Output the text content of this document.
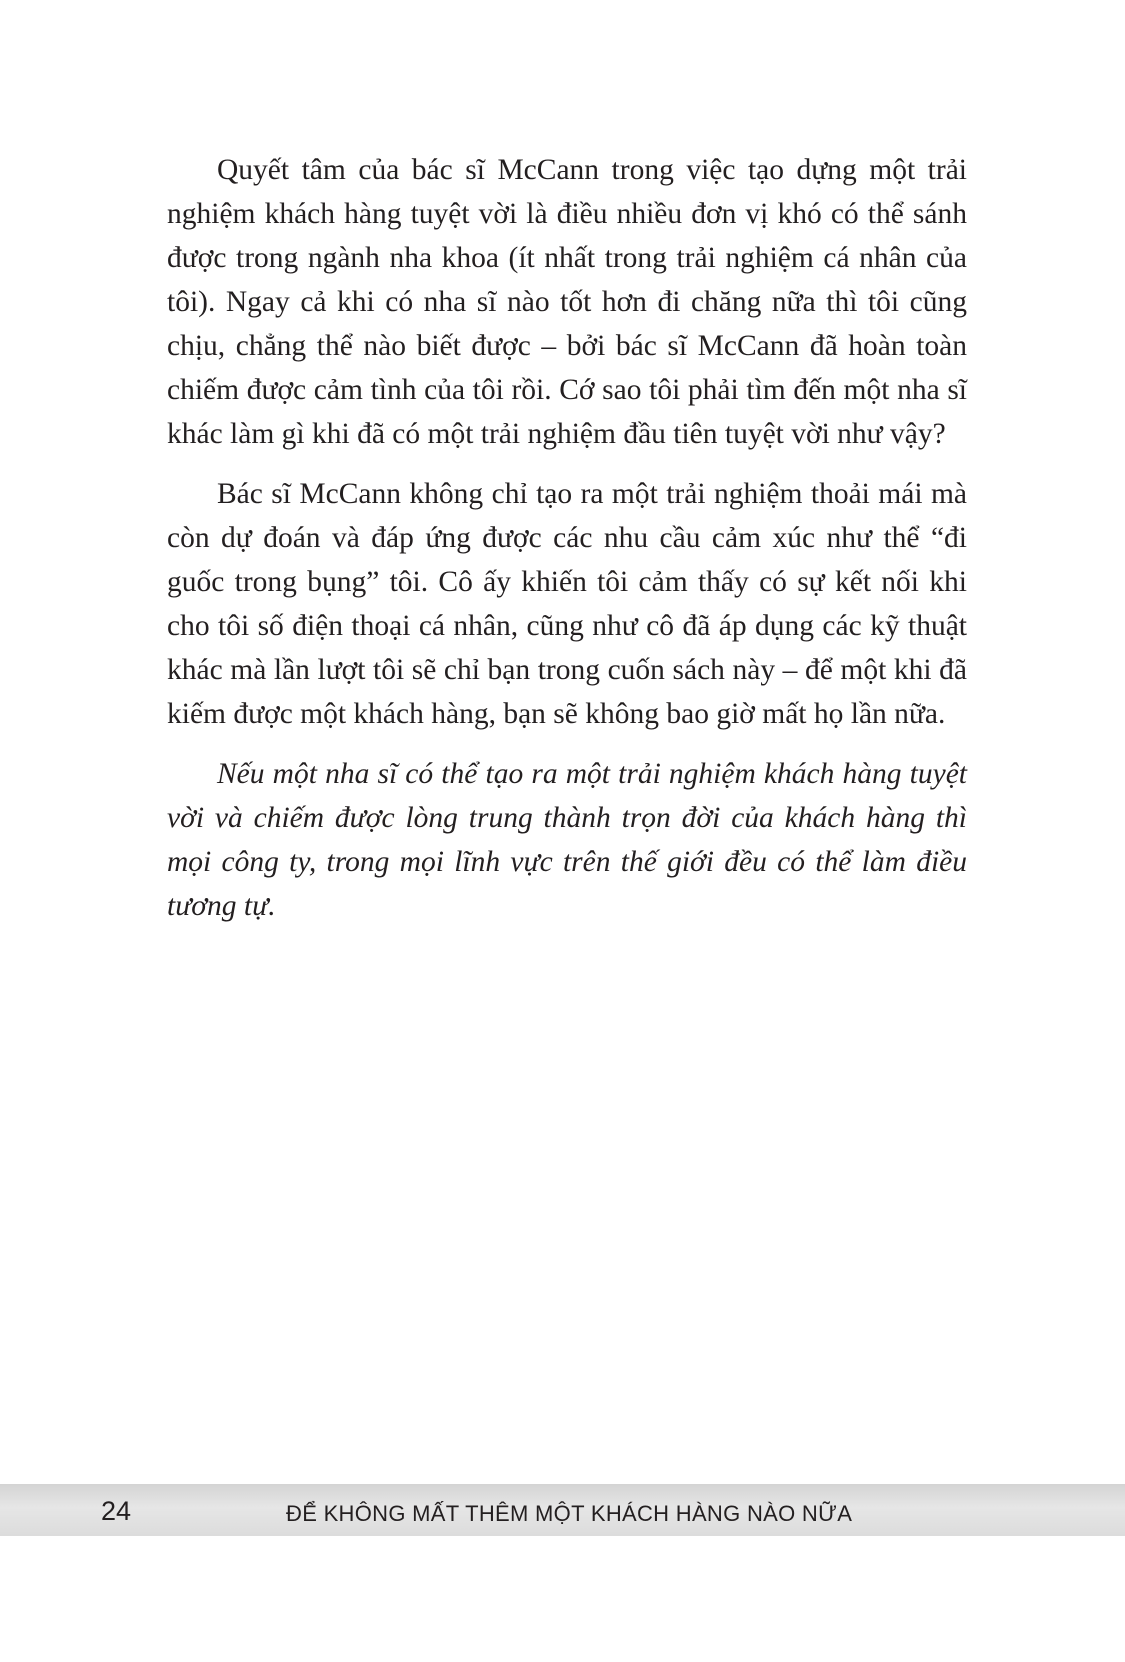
Quyết tâm của bác sĩ McCann trong việc tạo dựng một trải nghiệm khách hàng tuyệt vời là điều nhiều đơn vị khó có thể sánh được trong ngành nha khoa (ít nhất trong trải nghiệm cá nhân của tôi). Ngay cả khi có nha sĩ nào tốt hơn đi chăng nữa thì tôi cũng chịu, chẳng thể nào biết được – bởi bác sĩ McCann đã hoàn toàn chiếm được cảm tình của tôi rồi. Cớ sao tôi phải tìm đến một nha sĩ khác làm gì khi đã có một trải nghiệm đầu tiên tuyệt vời như vậy?

Bác sĩ McCann không chỉ tạo ra một trải nghiệm thoải mái mà còn dự đoán và đáp ứng được các nhu cầu cảm xúc như thể “đi guốc trong bụng” tôi. Cô ấy khiến tôi cảm thấy có sự kết nối khi cho tôi số điện thoại cá nhân, cũng như cô đã áp dụng các kỹ thuật khác mà lần lượt tôi sẽ chỉ bạn trong cuốn sách này – để một khi đã kiếm được một khách hàng, bạn sẽ không bao giờ mất họ lần nữa.

Nếu một nha sĩ có thể tạo ra một trải nghiệm khách hàng tuyệt vời và chiếm được lòng trung thành trọn đời của khách hàng thì mọi công ty, trong mọi lĩnh vực trên thế giới đều có thể làm điều tương tự.

24	ĐỂ KHÔNG MẤT THÊM MỘT KHÁCH HÀNG NÀO NỮA
